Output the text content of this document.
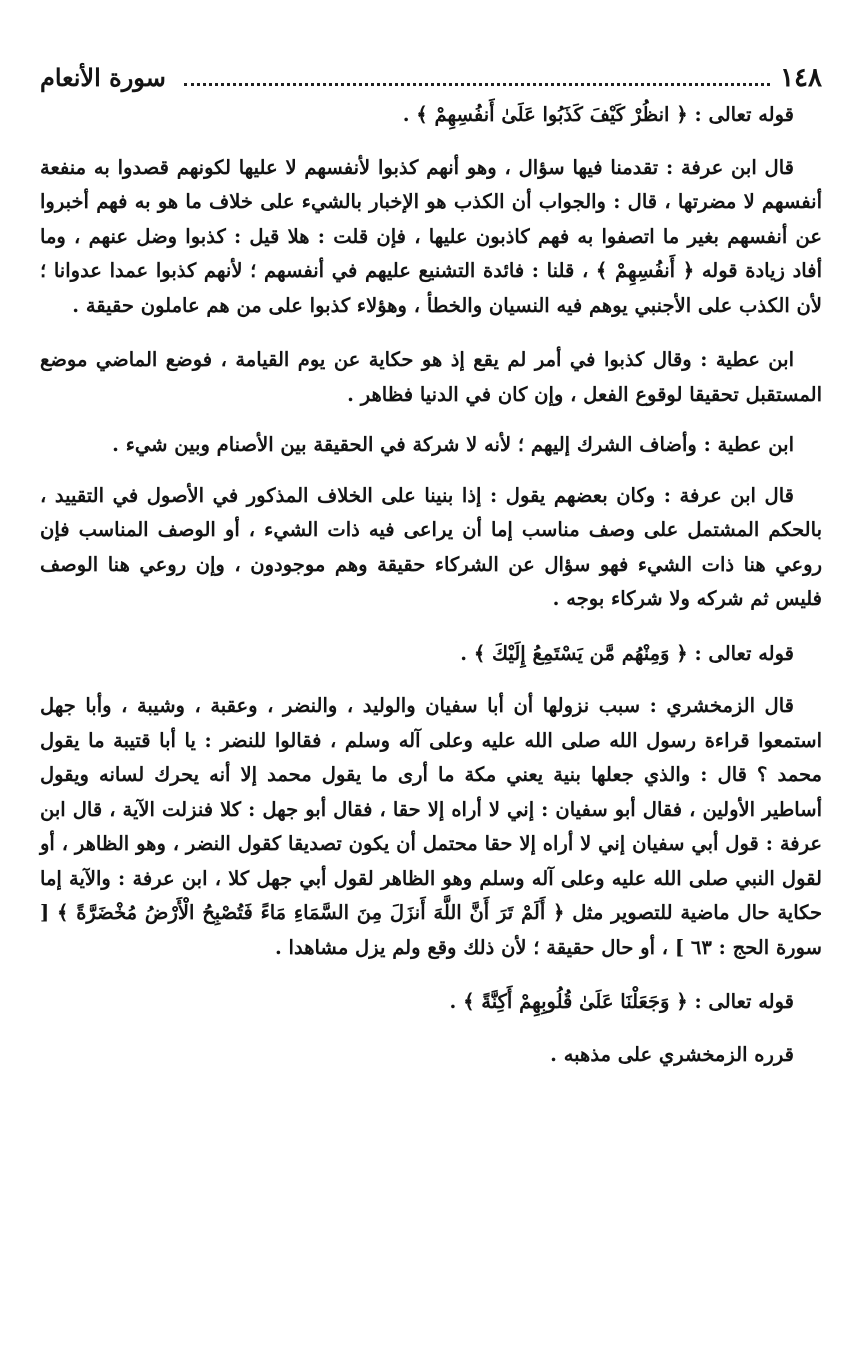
١٤٨
سورة الأنعام

قوله تعالى : ﴿ انظُرْ كَيْفَ كَذَبُوا عَلَىٰ أَنفُسِهِمْ ﴾ .

قال ابن عرفة : تقدمنا فيها سؤال ، وهو أنهم كذبوا لأنفسهم لا عليها لكونهم قصدوا به منفعة أنفسهم لا مضرتها ، قال : والجواب أن الكذب هو الإخبار بالشيء على خلاف ما هو به فهم أخبروا عن أنفسهم بغير ما اتصفوا به فهم كاذبون عليها ، فإن قلت : هلا قيل : كذبوا وضل عنهم ، وما أفاد زيادة قوله ﴿ أَنفُسِهِمْ ﴾ ، قلنا : فائدة التشنيع عليهم في أنفسهم ؛ لأنهم كذبوا عمدا عدوانا ؛ لأن الكذب على الأجنبي يوهم فيه النسيان والخطأ ، وهؤلاء كذبوا على من هم عاملون حقيقة .

ابن عطية : وقال كذبوا في أمر لم يقع إذ هو حكاية عن يوم القيامة ، فوضع الماضي موضع المستقبل تحقيقا لوقوع الفعل ، وإن كان في الدنيا فظاهر .

ابن عطية : وأضاف الشرك إليهم ؛ لأنه لا شركة في الحقيقة بين الأصنام وبين شيء .

قال ابن عرفة : وكان بعضهم يقول : إذا بنينا على الخلاف المذكور في الأصول في التقييد ، بالحكم المشتمل على وصف مناسب إما أن يراعى فيه ذات الشيء ، أو الوصف المناسب فإن روعي هنا ذات الشيء فهو سؤال عن الشركاء حقيقة وهم موجودون ، وإن روعي هنا الوصف فليس ثم شركه ولا شركاء بوجه .

قوله تعالى : ﴿ وَمِنْهُم مَّن يَسْتَمِعُ إِلَيْكَ ﴾ .

قال الزمخشري : سبب نزولها أن أبا سفيان والوليد ، والنضر ، وعقبة ، وشيبة ، وأبا جهل استمعوا قراءة رسول الله صلى الله عليه وعلى آله وسلم ، فقالوا للنضر : يا أبا قتيبة ما يقول محمد ؟ قال : والذي جعلها بنية يعني مكة ما أرى ما يقول محمد إلا أنه يحرك لسانه ويقول أساطير الأولين ، فقال أبو سفيان : إني لا أراه إلا حقا ، فقال أبو جهل : كلا فنزلت الآية ، قال ابن عرفة : قول أبي سفيان إني لا أراه إلا حقا محتمل أن يكون تصديقا كقول النضر ، وهو الظاهر ، أو لقول النبي صلى الله عليه وعلى آله وسلم وهو الظاهر لقول أبي جهل كلا ، ابن عرفة : والآية إما حكاية حال ماضية للتصوير مثل ﴿ أَلَمْ تَرَ أَنَّ اللَّهَ أَنزَلَ مِنَ السَّمَاءِ مَاءً فَتُصْبِحُ الْأَرْضُ مُخْضَرَّةً ﴾ [ سورة الحج : ٦٣ ] ، أو حال حقيقة ؛ لأن ذلك وقع ولم يزل مشاهدا .

قوله تعالى : ﴿ وَجَعَلْنَا عَلَىٰ قُلُوبِهِمْ أَكِنَّةً ﴾ .

قرره الزمخشري على مذهبه .
